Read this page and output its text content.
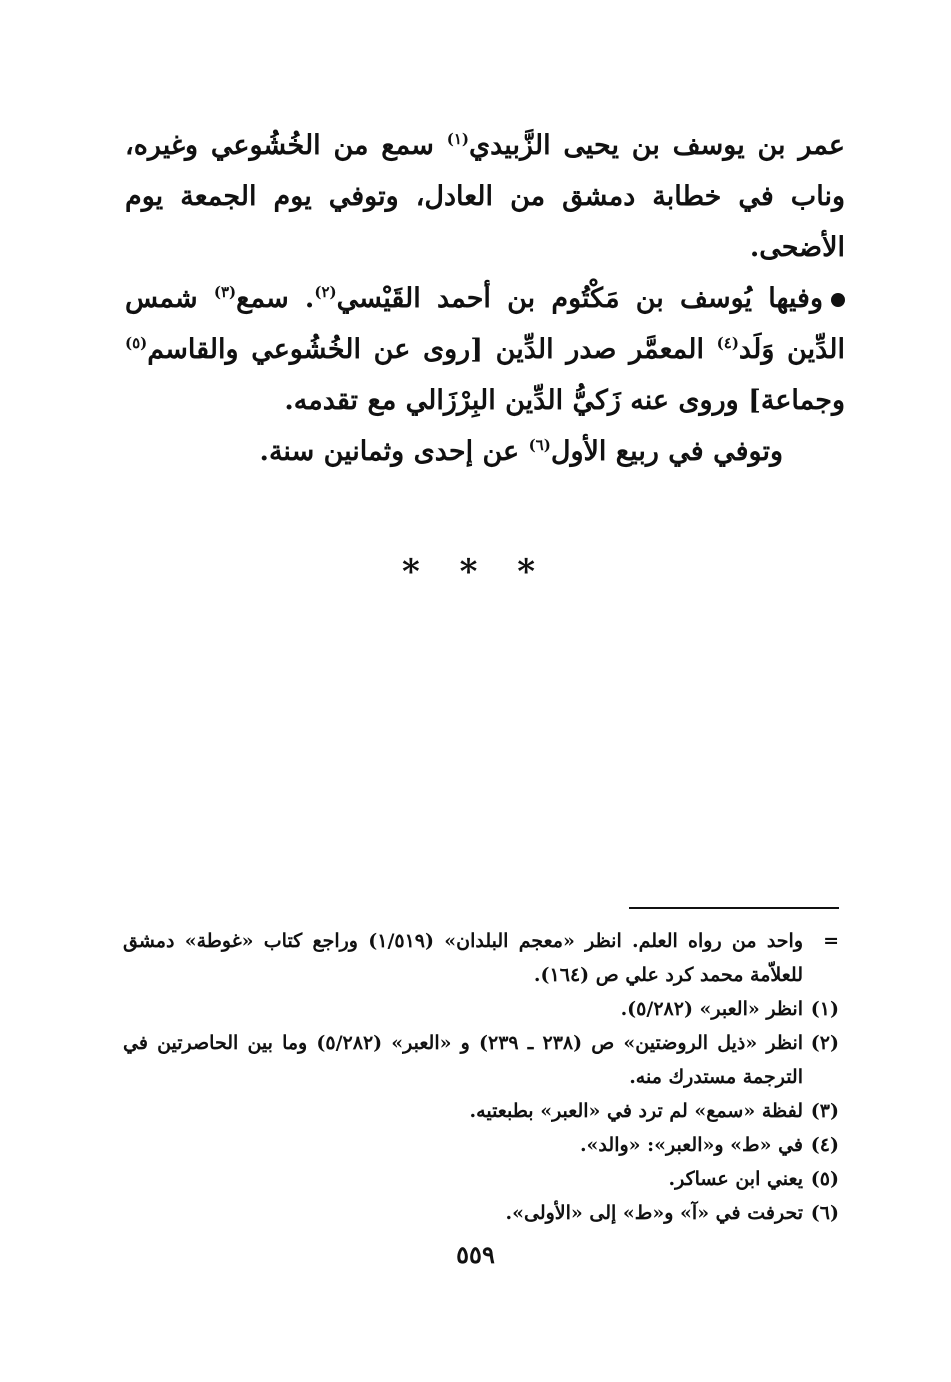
عمر بن يوسف بن يحيى الزَّبيدي$^{(١)}$ سمع من الخُشُوعي وغيره، وناب في خطابة دمشق من العادل، وتوفي يوم الجمعة يوم الأضحى.

وفيها يُوسف بن مَكْتُوم بن أحمد القَيْسي$^{(٢)}$. سمع$^{(٣)}$ شمس الدِّين وَلَد$^{(٤)}$ المعمَّر صدر الدِّين [روى عن الخُشُوعي والقاسم$^{(٥)}$ وجماعة] وروى عنه زَكيُّ الدِّين البِرْزَالي مع تقدمه.

وتوفي في ربيع الأول$^{(٦)}$ عن إحدى وثمانين سنة.

* * *
=
واحد من رواه العلم. انظر «معجم البلدان» (١/٥١٩) وراجع كتاب «غوطة» دمشق للعلاّمة محمد كرد علي ص (١٦٤).
(١)
انظر «العبر» (٥/٢٨٢).
(٢)
انظر «ذيل الروضتين» ص (٢٣٨ ـ ٢٣٩) و «العبر» (٥/٢٨٢) وما بين الحاصرتين في الترجمة مستدرك منه.
(٣)
لفظة «سمع» لم ترد في «العبر» بطبعتيه.
(٤)
في «ط» و«العبر»: «والد».
(٥)
يعني ابن عساكر.
(٦)
تحرفت في «آ» و«ط» إلى «الأولى».
٥٥٩
